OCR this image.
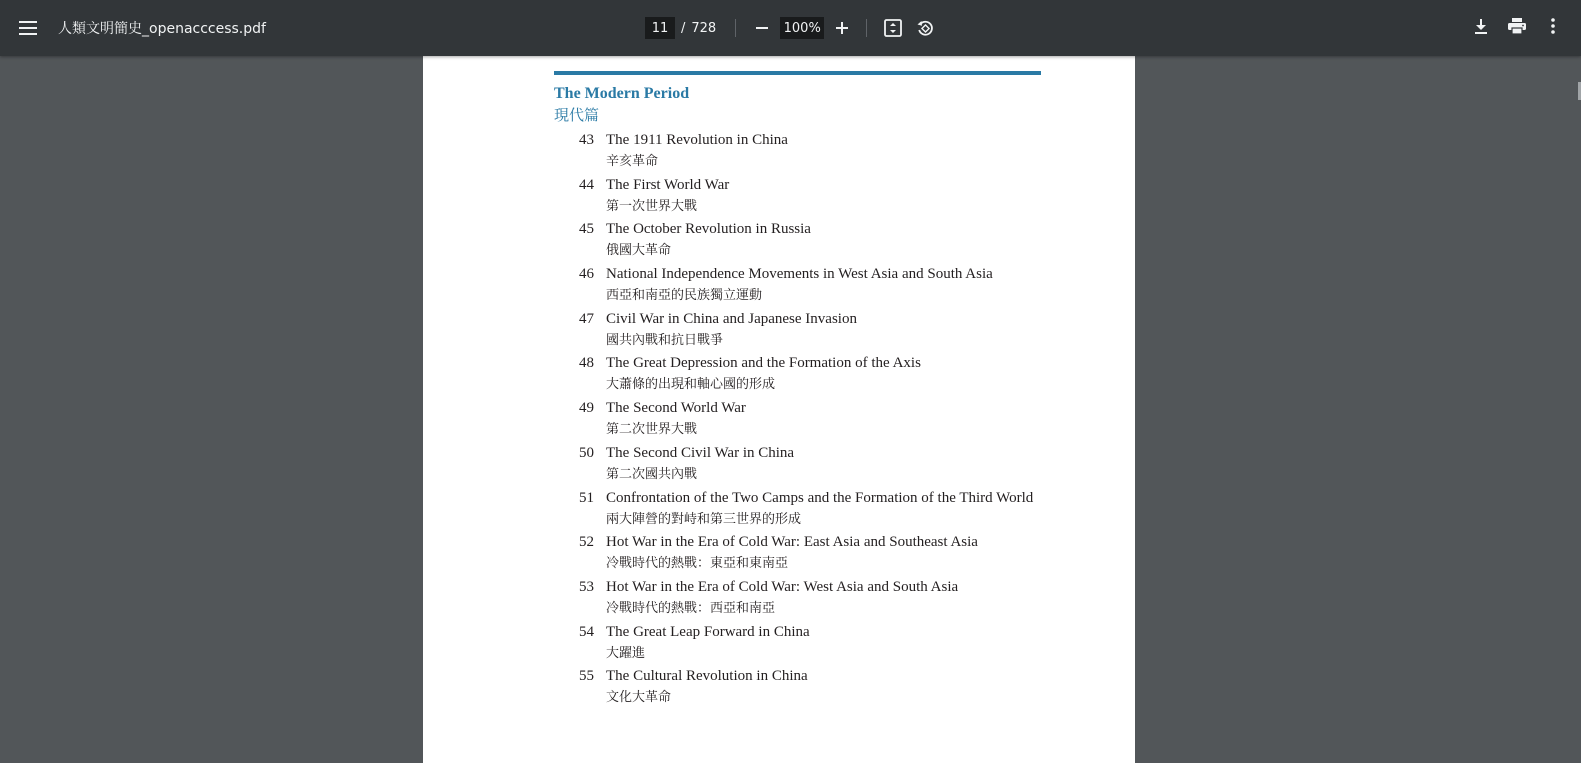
人類文明簡史_openacccess.pdf
11	/ 728
100%
The Modern Period
現代篇
43 The 1911 Revolution in China
辛亥革命
44 The First World War
第一次世界大戰
45 The October Revolution in Russia
俄國大革命
46 National Independence Movements in West Asia and South Asia
西亞和南亞的民族獨立運動
47 Civil War in China and Japanese Invasion
國共內戰和抗日戰爭
48 The Great Depression and the Formation of the Axis
大蕭條的出現和軸心國的形成
49 The Second World War
第二次世界大戰
50 The Second Civil War in China
第二次國共內戰
51 Confrontation of the Two Camps and the Formation of the Third World
兩大陣營的對峙和第三世界的形成
52 Hot War in the Era of Cold War: East Asia and Southeast Asia
冷戰時代的熱戰：東亞和東南亞
53 Hot War in the Era of Cold War: West Asia and South Asia
冷戰時代的熱戰：西亞和南亞
54 The Great Leap Forward in China
大躍進
55 The Cultural Revolution in China
文化大革命
